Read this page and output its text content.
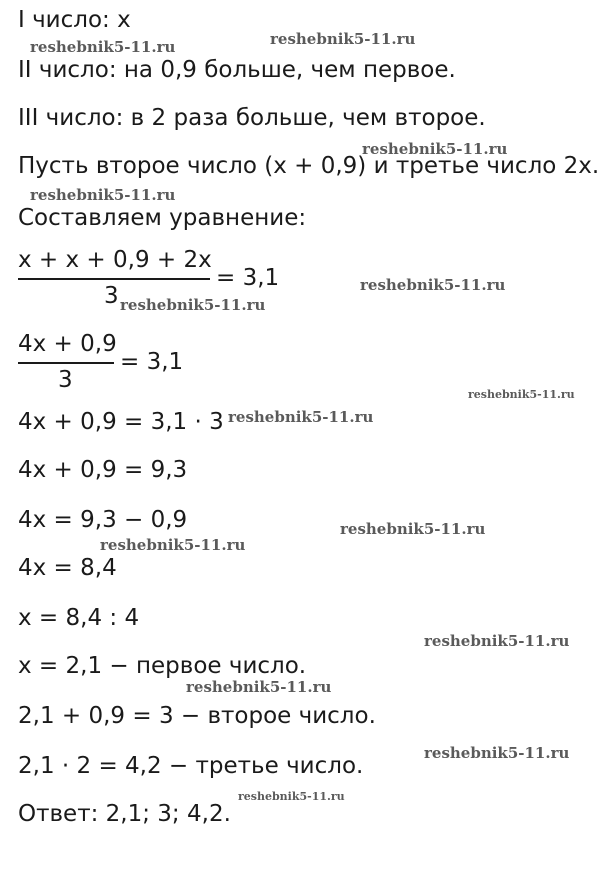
I число: x
II число: на 0,9 больше, чем первое.
III число: в 2 раза больше, чем второе.
Пусть второе число (x + 0,9) и третье число 2x.
Составляем уравнение:
x + x + 0,9 + 2x
3
= 3,1
4x + 0,9
3
= 3,1
4x + 0,9 = 3,1 · 3
4x + 0,9 = 9,3
4x = 9,3 − 0,9
4x = 8,4
x = 8,4 : 4
x = 2,1 − первое число.
2,1 + 0,9 = 3 − второе число.
2,1 · 2 = 4,2 − третье число.
Ответ: 2,1; 3; 4,2.
reshebnik5-11.ru
reshebnik5-11.ru
reshebnik5-11.ru
reshebnik5-11.ru
reshebnik5-11.ru
reshebnik5-11.ru
reshebnik5-11.ru
reshebnik5-11.ru
reshebnik5-11.ru
reshebnik5-11.ru
reshebnik5-11.ru
reshebnik5-11.ru
reshebnik5-11.ru
reshebnik5-11.ru
